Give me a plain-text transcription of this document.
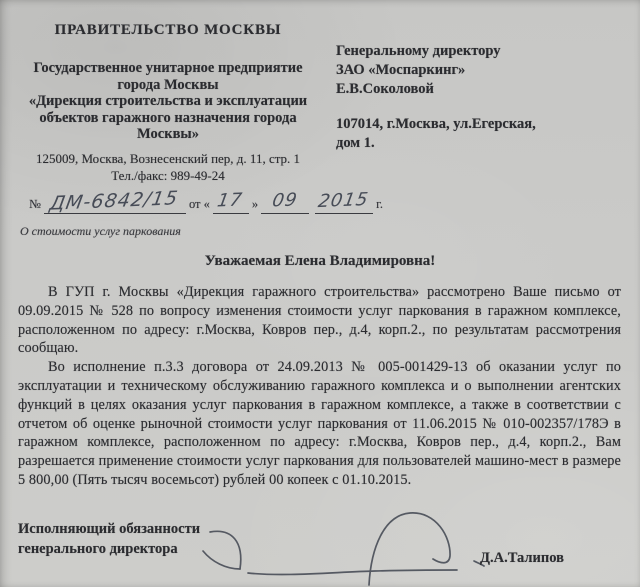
ПРАВИТЕЛЬСТВО МОСКВЫ
Государственное унитарное предприятие
города Москвы
«Дирекция строительства и эксплуатации
объектов гаражного назначения города
Москвы»
125009, Москва, Вознесенский пер, д. 11, стр. 1
Тел./факс: 989-49-24
Генеральному директору
ЗАО «Моспаркинг»
Е.В.Соколовой
107014, г.Москва, ул.Егерская,
дом 1.
№ ДМ-6842/15 от « 17 » 09 2015 г.
О стоимости услуг паркования
Уважаемая Елена Владимировна!

В ГУП г. Москвы «Дирекция гаражного строительства» рассмотрено Ваше письмо от 09.09.2015 № 528 по вопросу изменения стоимости услуг паркования в гаражном комплексе, расположенном по адресу: г.Москва, Ковров пер., д.4, корп.2., по результатам рассмотрения сообщаю.

Во исполнение п.3.3 договора от 24.09.2013 № 005-001429-13 об оказании услуг по эксплуатации и техническому обслуживанию гаражного комплекса и о выполнении агентских функций в целях оказания услуг паркования в гаражном комплексе, а также в соответствии с отчетом об оценке рыночной стоимости услуг паркования от 11.06.2015 № 010-002357/178Э в гаражном комплексе, расположенном по адресу: г.Москва, Ковров пер., д.4, корп.2., Вам разрешается применение стоимости услуг паркования для пользователей машино-мест в размере 5 800,00 (Пять тысяч восемьсот) рублей 00 копеек с 01.10.2015.

Исполняющий обязанности
генерального директора
Д.А.Талипов
